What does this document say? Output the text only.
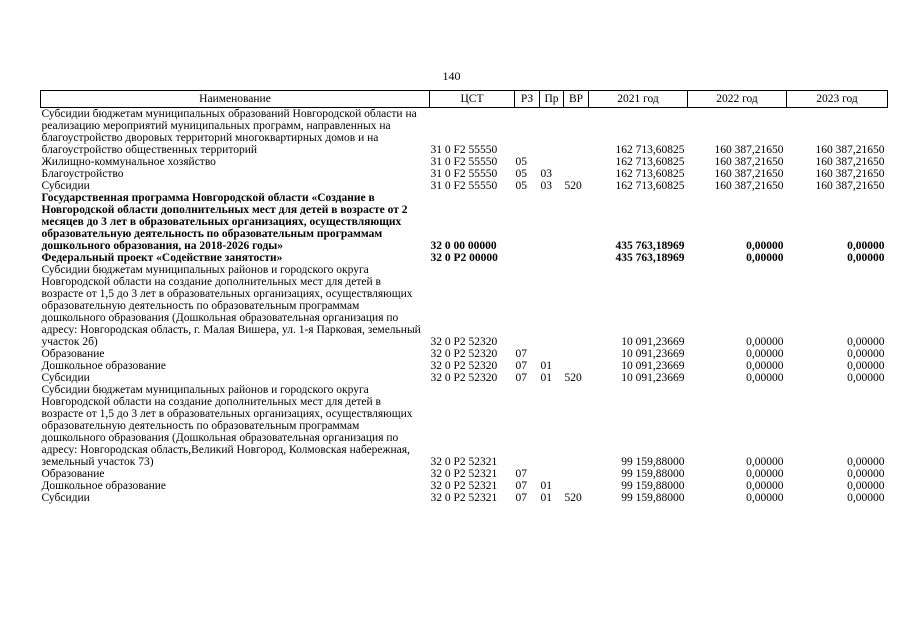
140
Наименование	ЦСТ	РЗ	Пр	ВР	2021 год	2022 год	2023 год
Субсидии бюджетам муниципальных образований Новгородской области на реализацию мероприятий муниципальных программ, направленных на благоустройство дворовых территорий многоквартирных домов и на благоустройство общественных территорий	31 0 F2 55550				162 713,60825	160 387,21650	160 387,21650
Жилищно-коммунальное хозяйство	31 0 F2 55550	05			162 713,60825	160 387,21650	160 387,21650
Благоустройство	31 0 F2 55550	05	03		162 713,60825	160 387,21650	160 387,21650
Субсидии	31 0 F2 55550	05	03	520	162 713,60825	160 387,21650	160 387,21650
Государственная программа Новгородской области «Создание в Новгородской области дополнительных мест для детей в возрасте от 2 месяцев до 3 лет в образовательных организациях, осуществляющих образовательную деятельность по образовательным программам дошкольного образования, на 2018-2026 годы»	32 0 00 00000				435 763,18969	0,00000	0,00000
Федеральный проект «Содействие занятости»	32 0 P2 00000				435 763,18969	0,00000	0,00000
Субсидии бюджетам муниципальных районов и городского округа Новгородской области на создание дополнительных мест для детей в возрасте от 1,5 до 3 лет в образовательных организациях, осуществляющих образовательную деятельность по образовательным программам дошкольного образования (Дошкольная образовательная организация по адресу: Новгородская область, г. Малая Вишера, ул. 1-я Парковая, земельный участок 2б)	32 0 P2 52320				10 091,23669	0,00000	0,00000
Образование	32 0 P2 52320	07			10 091,23669	0,00000	0,00000
Дошкольное образование	32 0 P2 52320	07	01		10 091,23669	0,00000	0,00000
Субсидии	32 0 P2 52320	07	01	520	10 091,23669	0,00000	0,00000
Субсидии бюджетам муниципальных районов и городского округа Новгородской области на создание дополнительных мест для детей в возрасте от 1,5 до 3 лет в образовательных организациях, осуществляющих образовательную деятельность по образовательным программам дошкольного образования (Дошкольная образовательная организация по адресу: Новгородская область,Великий Новгород, Колмовская набережная, земельный участок 73)	32 0 P2 52321				99 159,88000	0,00000	0,00000
Образование	32 0 P2 52321	07			99 159,88000	0,00000	0,00000
Дошкольное образование	32 0 P2 52321	07	01		99 159,88000	0,00000	0,00000
Субсидии	32 0 P2 52321	07	01	520	99 159,88000	0,00000	0,00000
